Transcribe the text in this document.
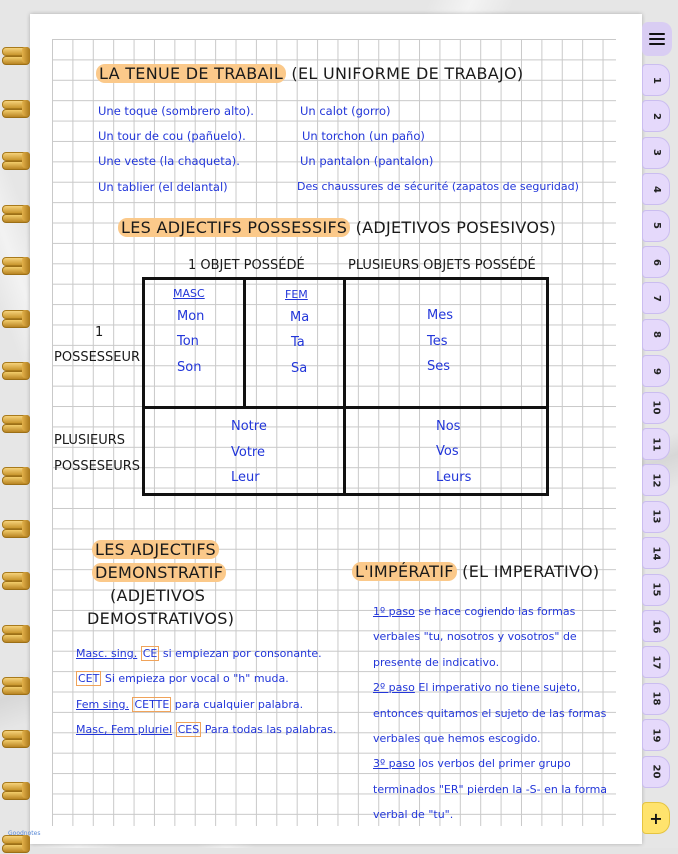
1
2
3
4
5
6
7
8
9
10
11
12
13
14
15
16
17
18
19
20
+
LA TENUE DE TRABAIL (EL UNIFORME DE TRABAJO)
Une toque (sombrero alto).
Un tour de cou (pañuelo).
Une veste (la chaqueta).
Un tablier (el delantal)
Un calot (gorro)
Un torchon (un paño)
Un pantalon (pantalon)
Des chaussures de sécurité (zapatos de seguridad)
LES ADJECTIFS POSSESSIFS (ADJETIVOS POSESIVOS)
1 OBJET POSSÉDÉ	PLUSIEURS OBJETS POSSÉDÉ
1
POSSESSEUR
PLUSIEURS
POSSESEURS
MASC	FEM
Mon
Ton
Son
Ma
Ta
Sa
Mes
Tes
Ses
Notre
Votre
Leur
Nos
Vos
Leurs
LES ADJECTIFS
DEMONSTRATIF
(ADJETIVOS
DEMOSTRATIVOS)
Masc. sing. CE si empiezan por consonante.
CET Si empieza por vocal o "h" muda.
Fem sing. CETTE para cualquier palabra.
Masc, Fem pluriel CES Para todas las palabras.
L'IMPÉRATIF (EL IMPERATIVO)
1º paso se hace cogiendo las formas
verbales "tu, nosotros y vosotros" de
presente de indicativo.
2º paso El imperativo no tiene sujeto,
entonces quitamos el sujeto de las formas
verbales que hemos escogido.
3º paso los verbos del primer grupo
terminados "ER" pierden la -S- en la forma
verbal de "tu".
Goodnotes
